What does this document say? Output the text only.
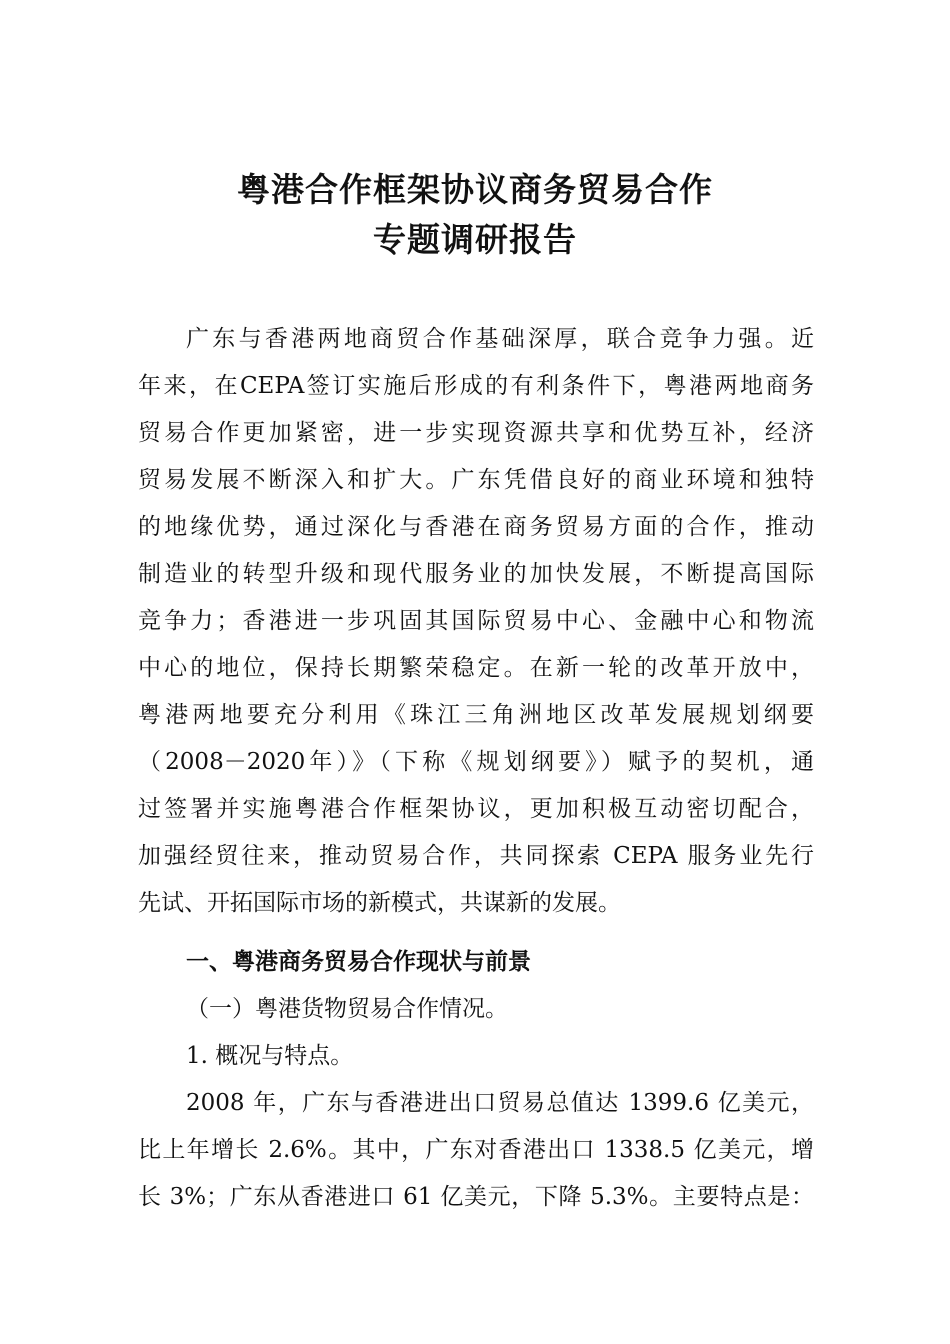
粤港合作框架协议商务贸易合作
专题调研报告
广东与香港两地商贸合作基础深厚，联合竞争力强。近
年来，在CEPA签订实施后形成的有利条件下，粤港两地商务
贸易合作更加紧密，进一步实现资源共享和优势互补，经济
贸易发展不断深入和扩大。广东凭借良好的商业环境和独特
的地缘优势，通过深化与香港在商务贸易方面的合作，推动
制造业的转型升级和现代服务业的加快发展，不断提高国际
竞争力；香港进一步巩固其国际贸易中心、金融中心和物流
中心的地位，保持长期繁荣稳定。在新一轮的改革开放中，
粤港两地要充分利用《珠江三角洲地区改革发展规划纲要
（2008－2020年）》（下称《规划纲要》）赋予的契机，通
过签署并实施粤港合作框架协议，更加积极互动密切配合，
加强经贸往来，推动贸易合作，共同探索 CEPA 服务业先行
先试、开拓国际市场的新模式，共谋新的发展。
一、粤港商务贸易合作现状与前景
（一）粤港货物贸易合作情况。
1. 概况与特点。
2008 年，广东与香港进出口贸易总值达 1399.6 亿美元，
比上年增长 2.6%。其中，广东对香港出口 1338.5 亿美元，增
长 3%；广东从香港进口 61 亿美元，下降 5.3%。主要特点是：
